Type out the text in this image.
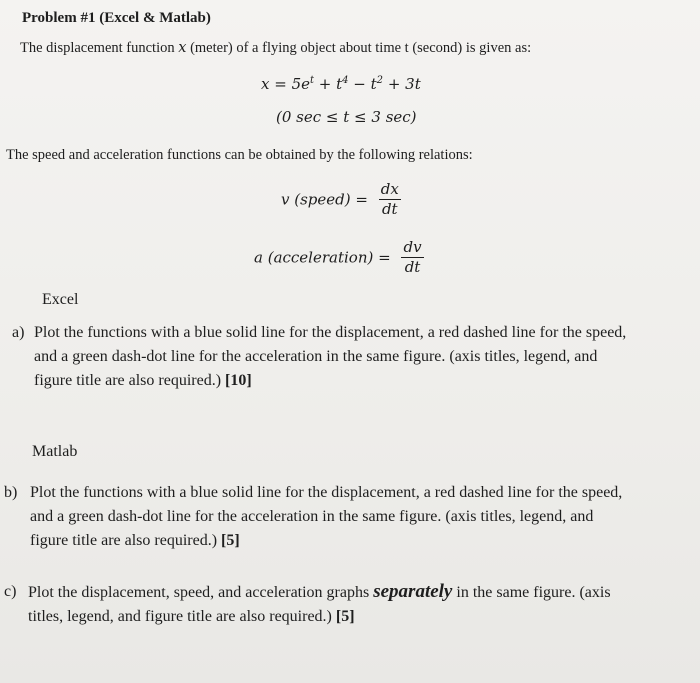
Problem #1 (Excel & Matlab)
The displacement function x (meter) of a flying object about time t (second) is given as:
$x = 5e^t + t^4 - t^2 + 3t$
(0 sec ≤ t ≤ 3 sec)
The speed and acceleration functions can be obtained by the following relations:
v (speed) = $\frac{dx}{dt}$
a (acceleration) = $\frac{dv}{dt}$
Excel
a) Plot the functions with a blue solid line for the displacement, a red dashed line for the speed,
and a green dash-dot line for the acceleration in the same figure. (axis titles, legend, and
figure title are also required.) [10]
Matlab
b) Plot the functions with a blue solid line for the displacement, a red dashed line for the speed,
and a green dash-dot line for the acceleration in the same figure. (axis titles, legend, and
figure title are also required.) [5]
c) Plot the displacement, speed, and acceleration graphs separately in the same figure. (axis
titles, legend, and figure title are also required.) [5]
